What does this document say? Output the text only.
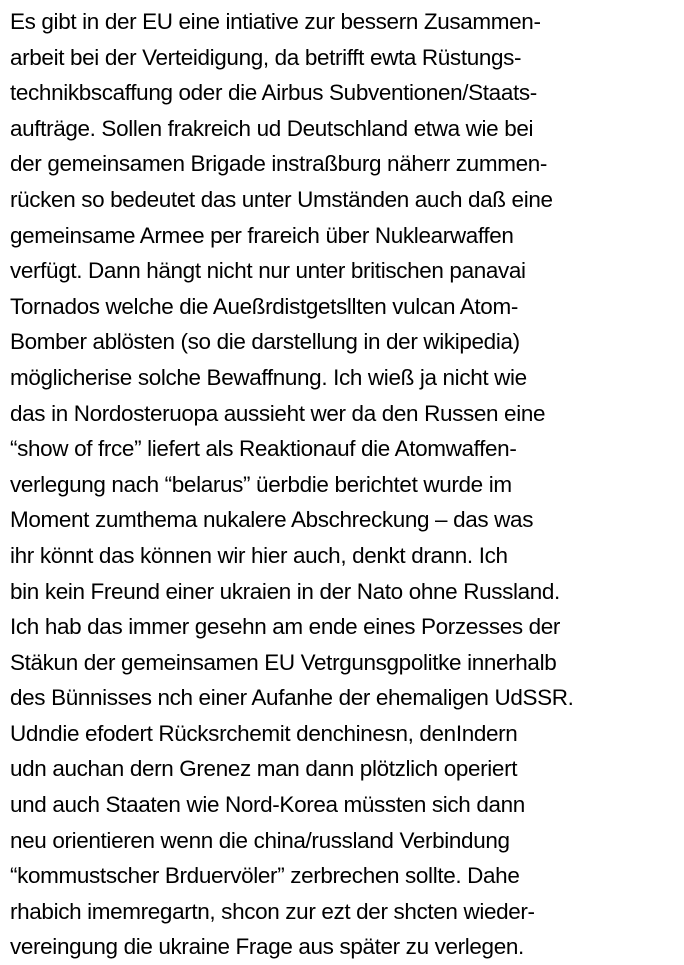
Es gibt in der EU eine intiative zur bessern Zusammen-
arbeit bei der Verteidigung, da betrifft ewta Rüstungs-
technikbscaffung oder die Airbus Subventionen/Staats-
aufträge. Sollen frakreich ud Deutschland etwa wie bei
der gemeinsamen Brigade instraßburg näherr zummen-
rücken so bedeutet das unter Umständen auch daß eine
gemeinsame Armee per frareich über Nuklearwaffen
verfügt. Dann hängt nicht nur unter britischen panavai
Tornados welche die Aueßrdistgetsllten vulcan Atom-
Bomber ablösten (so die darstellung in der wikipedia)
möglicherise solche Bewaffnung. Ich wieß ja nicht wie
das in Nordosteruopa aussieht wer da den Russen eine
“show of frce” liefert als Reaktionauf die Atomwaffen-
verlegung nach “belarus” üerbdie berichtet wurde im
Moment zumthema nukalere Abschreckung – das was
ihr könnt das können wir hier auch, denkt drann. Ich
bin kein Freund einer ukraien in der Nato ohne Russland.
Ich hab das immer gesehn am ende eines Porzesses der
Stäkun der gemeinsamen EU Vetrgunsgpolitke innerhalb
des Bünnisses nch einer Aufanhe der ehemaligen UdSSR.
Udndie efodert Rücksrchemit denchinesn, denIndern
udn auchan dern Grenez man dann plötzlich operiert
und auch Staaten wie Nord-Korea müssten sich dann
neu orientieren wenn die china/russland Verbindung
“kommustscher Brduervöler” zerbrechen sollte. Dahe
rhabich imemregartn, shcon zur ezt der shcten wieder-
vereingung die ukraine Frage aus später zu verlegen.
